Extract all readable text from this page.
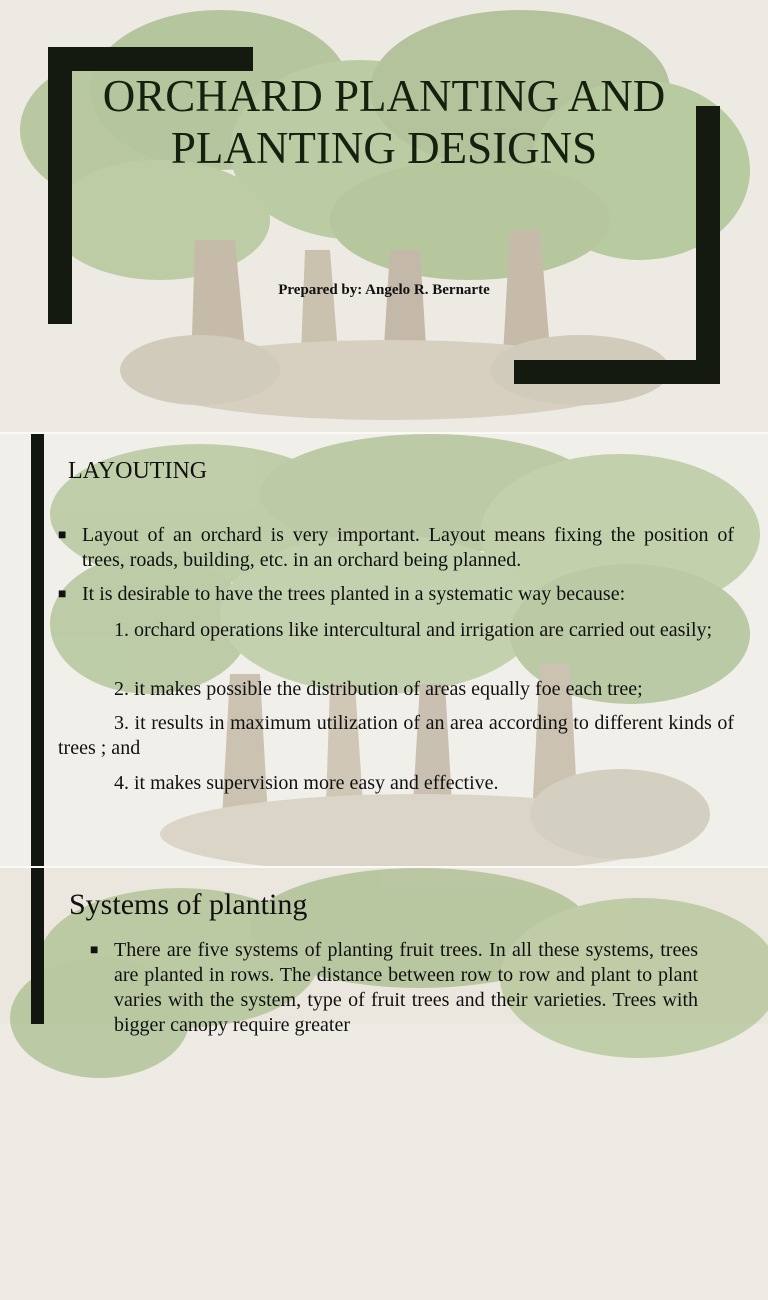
ORCHARD PLANTING AND PLANTING DESIGNS
Prepared by: Angelo R. Bernarte
LAYOUTING
■ Layout of an orchard is very important. Layout means fixing the position of trees, roads, building, etc. in an orchard being planned.
■ It is desirable to have the trees planted in a systematic way because:
1. orchard operations like intercultural and irrigation are carried out easily;
2. it makes possible the distribution of areas equally foe each tree;
3. it results in maximum utilization of an area according to different kinds of trees ; and
4. it makes supervision more easy and effective.
Systems of planting
■ There are five systems of planting fruit trees. In all these systems, trees are planted in rows. The distance between row to row and plant to plant varies with the system, type of fruit trees and their varieties. Trees with bigger canopy require greater
